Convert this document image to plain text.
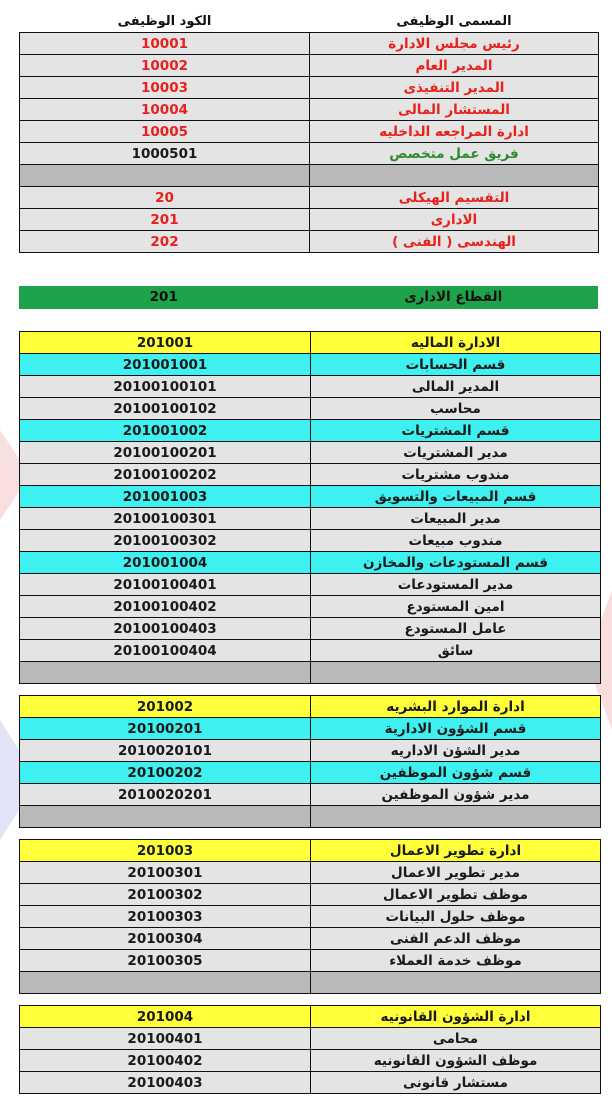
الكود الوظيفى	المسمى الوظيفى
10001	رئيس مجلس الادارة
10002	المدير العام
10003	المدير التنفيذى
10004	المستشار المالى
10005	ادارة المراجعه الداخليه
1000501	فريق عمل متخصص

20	التقسيم الهيكلى
201	الادارى
202	الهندسى ( الفنى )
201	القطاع الادارى
201001	الادارة الماليه
201001001	قسم الحسابات
20100100101	المدير المالى
20100100102	محاسب
201001002	قسم المشتريات
20100100201	مدير المشتريات
20100100202	مندوب مشتريات
201001003	قسم المبيعات والتسويق
20100100301	مدير المبيعات
20100100302	مندوب مبيعات
201001004	قسم المستودعات والمخازن
20100100401	مدير المستودعات
20100100402	امين المستودع
20100100403	عامل المستودع
20100100404	سائق

201002	ادارة الموارد البشريه
20100201	قسم الشؤون الادارية
2010020101	مدير الشؤن الاداريه
20100202	قسم شؤون الموظفين
2010020201	مدير شؤون الموظفين

201003	ادارة تطوير الاعمال
20100301	مدير تطوير الاعمال
20100302	موظف تطوير الاعمال
20100303	موظف حلول البيانات
20100304	موظف الدعم الفنى
20100305	موظف خدمة العملاء

201004	ادارة الشؤون القانونيه
20100401	محامى
20100402	موظف الشؤون القانونيه
20100403	مستشار قانونى
